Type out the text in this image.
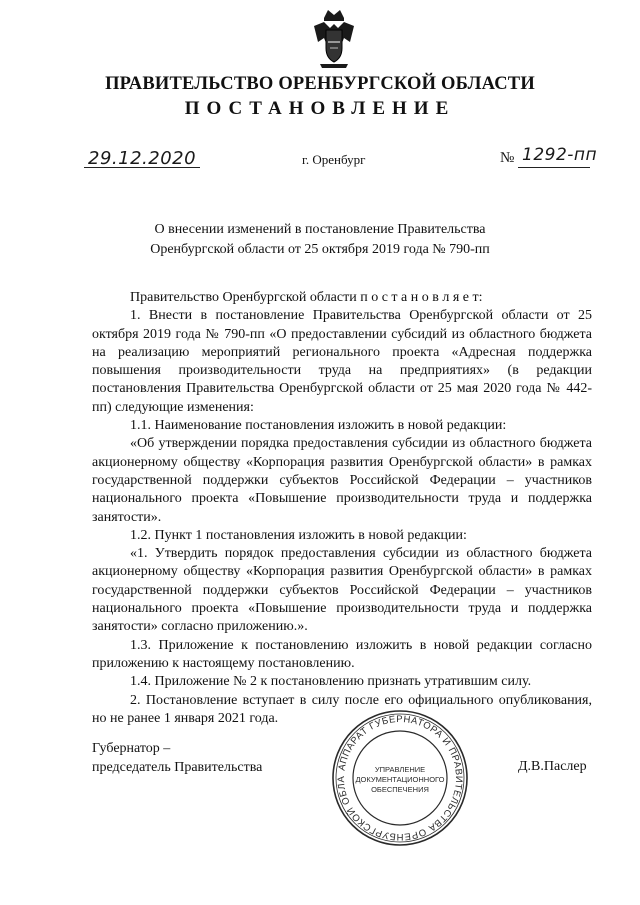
ПРАВИТЕЛЬСТВО ОРЕНБУРГСКОЙ ОБЛАСТИ
ПОСТАНОВЛЕНИЕ
29.12.2020	г. Оренбург	№ 1292-пп
О внесении изменений в постановление Правительства
Оренбургской области от 25 октября 2019 года № 790-пп

Правительство Оренбургской области п о с т а н о в л я е т:

1. Внести в постановление Правительства Оренбургской области от 25 октября 2019 года № 790-пп «О предоставлении субсидий из областного бюджета на реализацию мероприятий регионального проекта «Адресная поддержка повышения производительности труда на предприятиях» (в редакции постановления Правительства Оренбургской области от 25 мая 2020 года № 442-пп) следующие изменения:

1.1. Наименование постановления изложить в новой редакции:

«Об утверждении порядка предоставления субсидии из областного бюджета акционерному обществу «Корпорация развития Оренбургской области» в рамках государственной поддержки субъектов Российской Федерации – участников национального проекта «Повышение производительности труда и поддержка занятости».

1.2. Пункт 1 постановления изложить в новой редакции:

«1. Утвердить порядок предоставления субсидии из областного бюджета акционерному обществу «Корпорация развития Оренбургской области» в рамках государственной поддержки субъектов Российской Федерации – участников национального проекта «Повышение производительности труда и поддержка занятости» согласно приложению.».

1.3. Приложение к постановлению изложить в новой редакции согласно приложению к настоящему постановлению.

1.4. Приложение № 2 к постановлению признать утратившим силу.

2. Постановление вступает в силу после его официального опубликования, но не ранее 1 января 2021 года.

Губернатор –
председатель Правительства	Д.В.Паслер
АППАРАТ ГУБЕРНАТОРА И ПРАВИТЕЛЬСТВА ОРЕНБУРГСКОЙ ОБЛА
УПРАВЛЕНИЕ
ДОКУМЕНТАЦИОННОГО
ОБЕСПЕЧЕНИЯ
